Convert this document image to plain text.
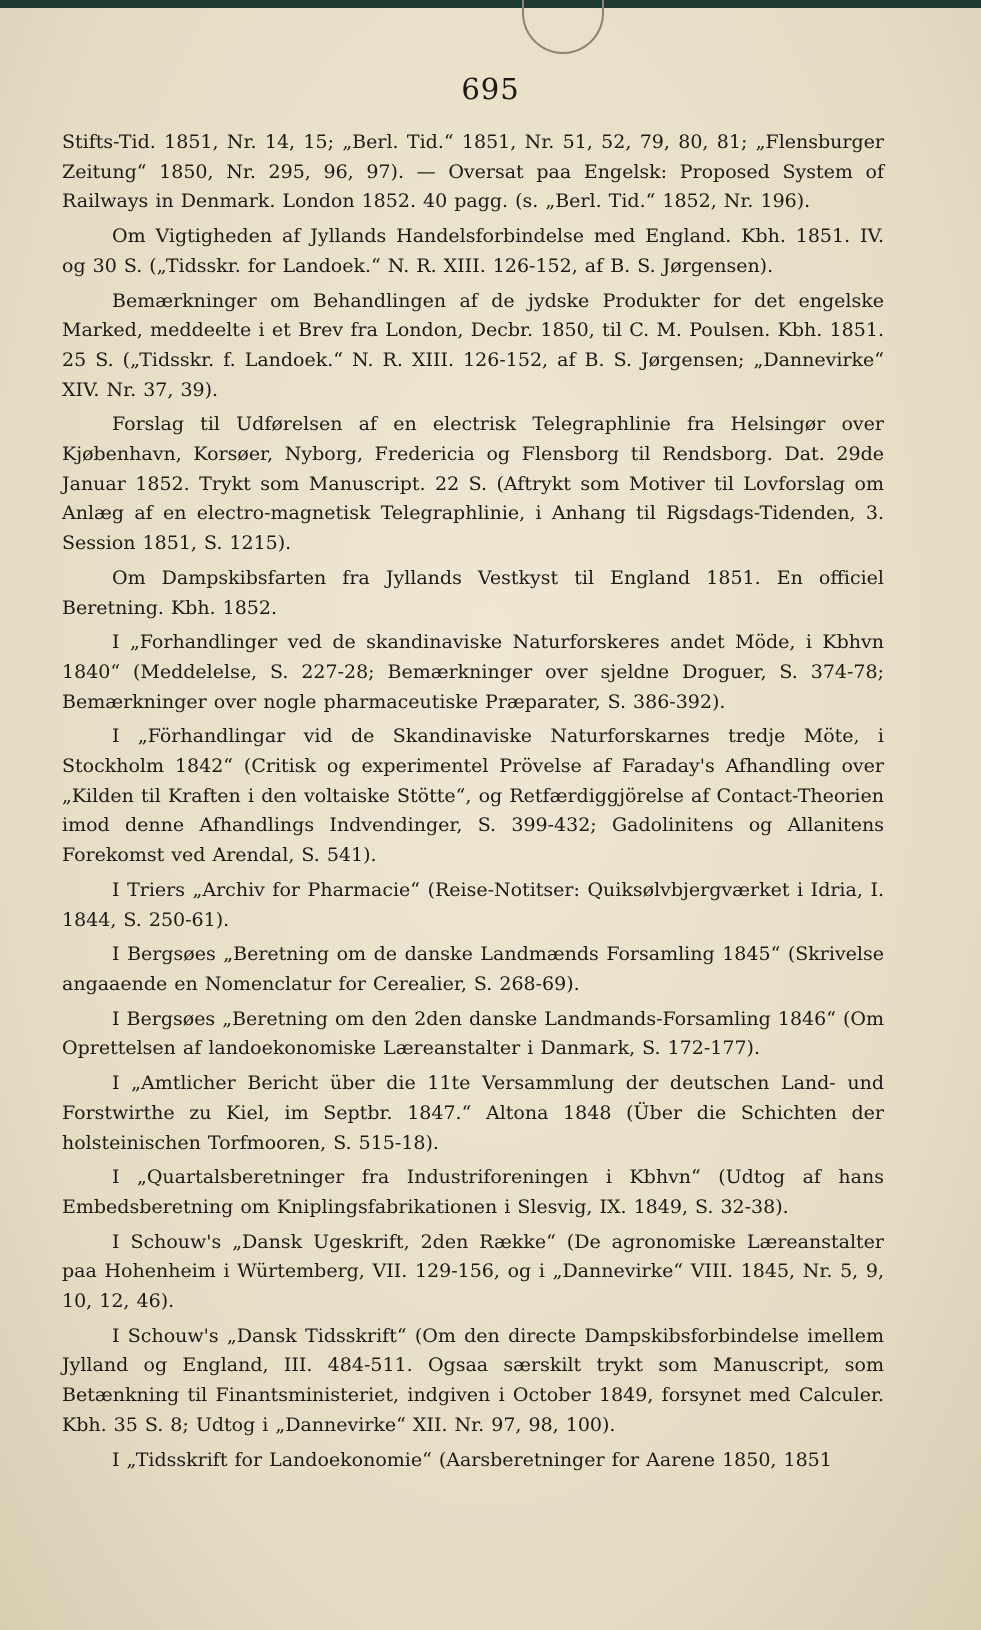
695

Stifts-Tid. 1851, Nr. 14, 15; „Berl. Tid.“ 1851, Nr. 51, 52, 79, 80, 81; „Flensburger Zeitung“ 1850, Nr. 295, 96, 97). — Oversat paa Engelsk: Proposed System of Railways in Denmark. London 1852. 40 pagg. (s. „Berl. Tid.“ 1852, Nr. 196).

Om Vigtigheden af Jyllands Handelsforbindelse med England. Kbh. 1851. IV. og 30 S. („Tidsskr. for Landoek.“ N. R. XIII. 126-152, af B. S. Jørgensen).

Bemærkninger om Behandlingen af de jydske Produkter for det engelske Marked, meddeelte i et Brev fra London, Decbr. 1850, til C. M. Poulsen. Kbh. 1851. 25 S. („Tidsskr. f. Landoek.“ N. R. XIII. 126-152, af B. S. Jørgensen; „Dannevirke“ XIV. Nr. 37, 39).

Forslag til Udførelsen af en electrisk Telegraphlinie fra Helsingør over Kjøbenhavn, Korsøer, Nyborg, Fredericia og Flensborg til Rendsborg. Dat. 29de Januar 1852. Trykt som Manuscript. 22 S. (Aftrykt som Motiver til Lovforslag om Anlæg af en electro-magnetisk Telegraphlinie, i Anhang til Rigsdags-Tidenden, 3. Session 1851, S. 1215).

Om Dampskibsfarten fra Jyllands Vestkyst til England 1851. En officiel Beretning. Kbh. 1852.

I „Forhandlinger ved de skandinaviske Naturforskeres andet Möde, i Kbhvn 1840“ (Meddelelse, S. 227-28; Bemærkninger over sjeldne Droguer, S. 374-78; Bemærkninger over nogle pharmaceutiske Præparater, S. 386-392).

I „Förhandlingar vid de Skandinaviske Naturforskarnes tredje Möte, i Stockholm 1842“ (Critisk og experimentel Prövelse af Faraday's Afhandling over „Kilden til Kraften i den voltaiske Stötte“, og Retfærdiggjörelse af Contact-Theorien imod denne Afhandlings Indvendinger, S. 399-432; Gadolinitens og Allanitens Forekomst ved Arendal, S. 541).

I Triers „Archiv for Pharmacie“ (Reise-Notitser: Quiksølvbjergværket i Idria, I. 1844, S. 250-61).

I Bergsøes „Beretning om de danske Landmænds Forsamling 1845“ (Skrivelse angaaende en Nomenclatur for Cerealier, S. 268-69).

I Bergsøes „Beretning om den 2den danske Landmands-Forsamling 1846“ (Om Oprettelsen af landoekonomiske Læreanstalter i Danmark, S. 172-177).

I „Amtlicher Bericht über die 11te Versammlung der deutschen Land- und Forstwirthe zu Kiel, im Septbr. 1847.“ Altona 1848 (Über die Schichten der holsteinischen Torfmooren, S. 515-18).

I „Quartalsberetninger fra Industriforeningen i Kbhvn“ (Udtog af hans Embedsberetning om Kniplingsfabrikationen i Slesvig, IX. 1849, S. 32-38).

I Schouw's „Dansk Ugeskrift, 2den Række“ (De agronomiske Læreanstalter paa Hohenheim i Würtemberg, VII. 129-156, og i „Dannevirke“ VIII. 1845, Nr. 5, 9, 10, 12, 46).

I Schouw's „Dansk Tidsskrift“ (Om den directe Dampskibsforbindelse imellem Jylland og England, III. 484-511. Ogsaa særskilt trykt som Manuscript, som Betænkning til Finantsministeriet, indgiven i October 1849, forsynet med Calculer. Kbh. 35 S. 8; Udtog i „Dannevirke“ XII. Nr. 97, 98, 100).

I „Tidsskrift for Landoekonomie“ (Aarsberetninger for Aarene 1850, 1851
